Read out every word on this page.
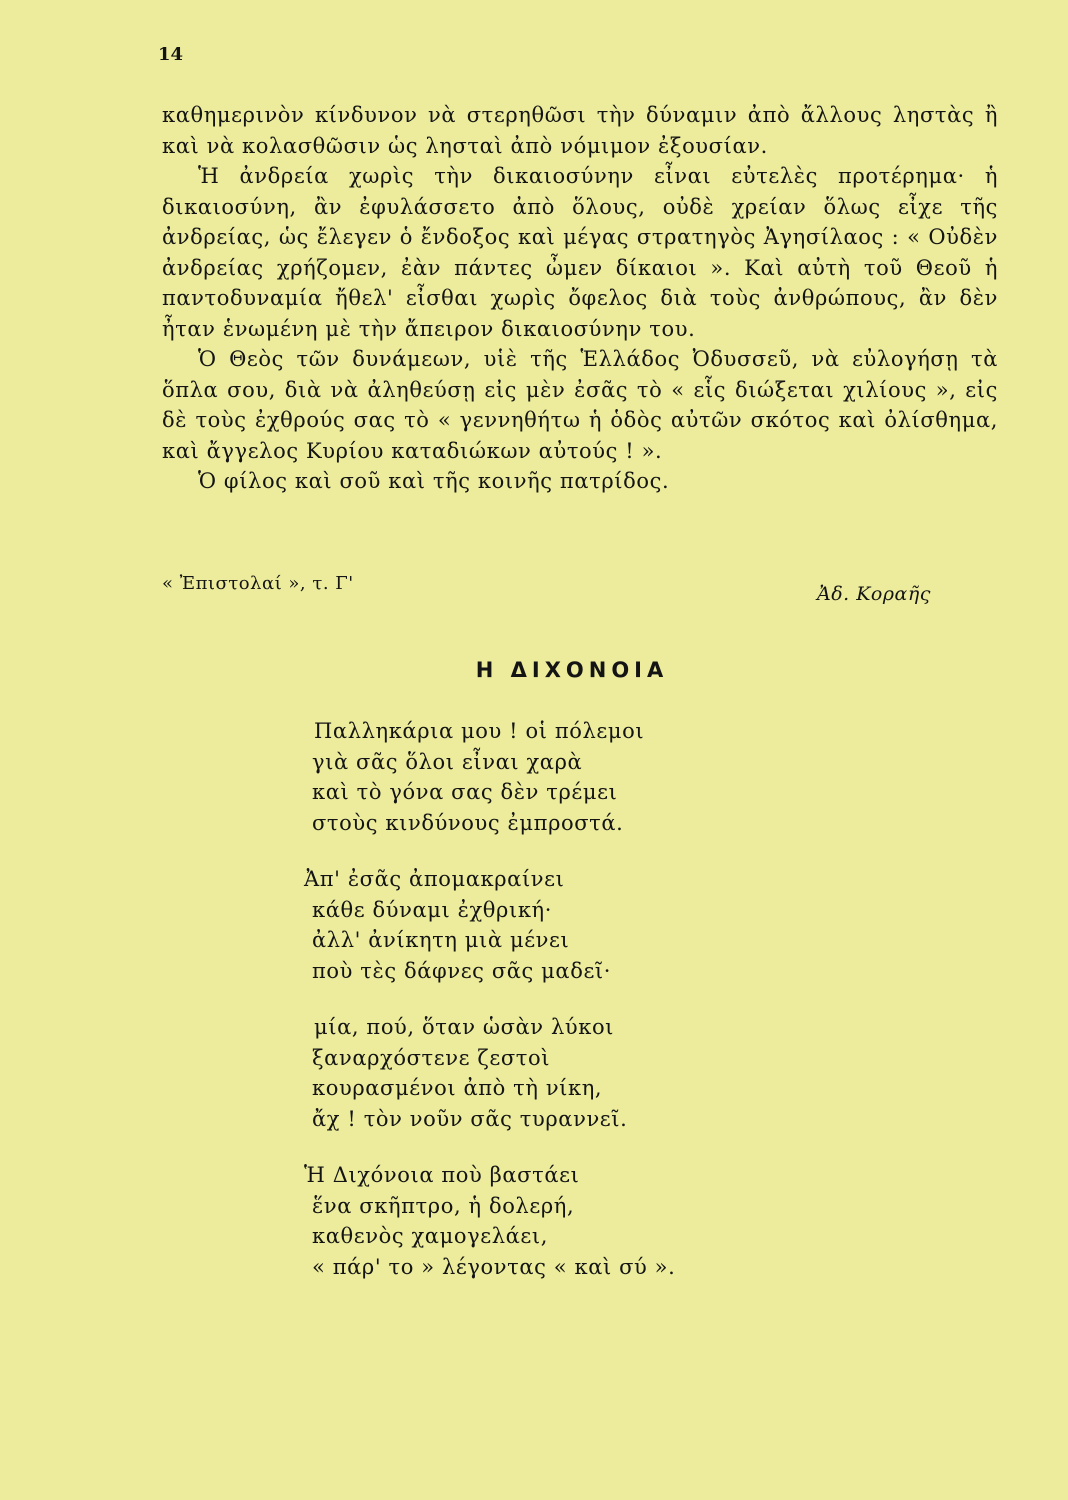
14

καθημερινὸν κίνδυνον νὰ στερηθῶσι τὴν δύναμιν ἀπὸ ἄλλους ληστὰς ἢ καὶ νὰ κολασθῶσιν ὡς λησταὶ ἀπὸ νόμιμον ἐξουσίαν.

Ἡ ἀνδρεία χωρὶς τὴν δικαιοσύνην εἶναι εὐτελὲς προτέρημα· ἡ δικαιοσύνη, ἂν ἐφυλάσσετο ἀπὸ ὅλους, οὐδὲ χρείαν ὅλως εἶχε τῆς ἀνδρείας, ὡς ἔλεγεν ὁ ἔνδοξος καὶ μέγας στρατηγὸς Ἀγησίλαος : « Οὐδὲν ἀνδρείας χρήζομεν, ἐὰν πάντες ὦμεν δίκαιοι ». Καὶ αὐτὴ τοῦ Θεοῦ ἡ παντοδυναμία ἤθελ' εἶσθαι χωρὶς ὄφελος διὰ τοὺς ἀνθρώπους, ἂν δὲν ἦταν ἑνωμένη μὲ τὴν ἄπειρον δικαιοσύνην του.

Ὁ Θεὸς τῶν δυνάμεων, υἱὲ τῆς Ἑλλάδος Ὀδυσσεῦ, νὰ εὐλογήσῃ τὰ ὅπλα σου, διὰ νὰ ἀληθεύσῃ εἰς μὲν ἐσᾶς τὸ « εἷς διώξεται χιλίους », εἰς δὲ τοὺς ἐχθρούς σας τὸ « γεννηθήτω ἡ ὁδὸς αὐτῶν σκότος καὶ ὀλίσθημα, καὶ ἄγγελος Κυρίου καταδιώκων αὐτούς ! ».

Ὁ φίλος καὶ σοῦ καὶ τῆς κοινῆς πατρίδος.

« Ἐπιστολαί », τ. Γ'	Ἀδ. Κοραῆς
Η ΔΙΧΟΝΟΙΑ
Παλληκάρια μου ! οἱ πόλεμοι
γιὰ σᾶς ὅλοι εἶναι χαρὰ
καὶ τὸ γόνα σας δὲν τρέμει
στοὺς κινδύνους ἐμπροστά.
Ἀπ' ἐσᾶς ἀπομακραίνει
κάθε δύναμι ἐχθρική·
ἀλλ' ἀνίκητη μιὰ μένει
ποὺ τὲς δάφνες σᾶς μαδεῖ·
μία, πού, ὅταν ὡσὰν λύκοι
ξαναρχόστενε ζεστοὶ
κουρασμένοι ἀπὸ τὴ νίκη,
ἄχ ! τὸν νοῦν σᾶς τυραννεῖ.
Ἡ Διχόνοια ποὺ βαστάει
ἕνα σκῆπτρο, ἡ δολερή,
καθενὸς χαμογελάει,
« πάρ' το » λέγοντας « καὶ σύ ».
